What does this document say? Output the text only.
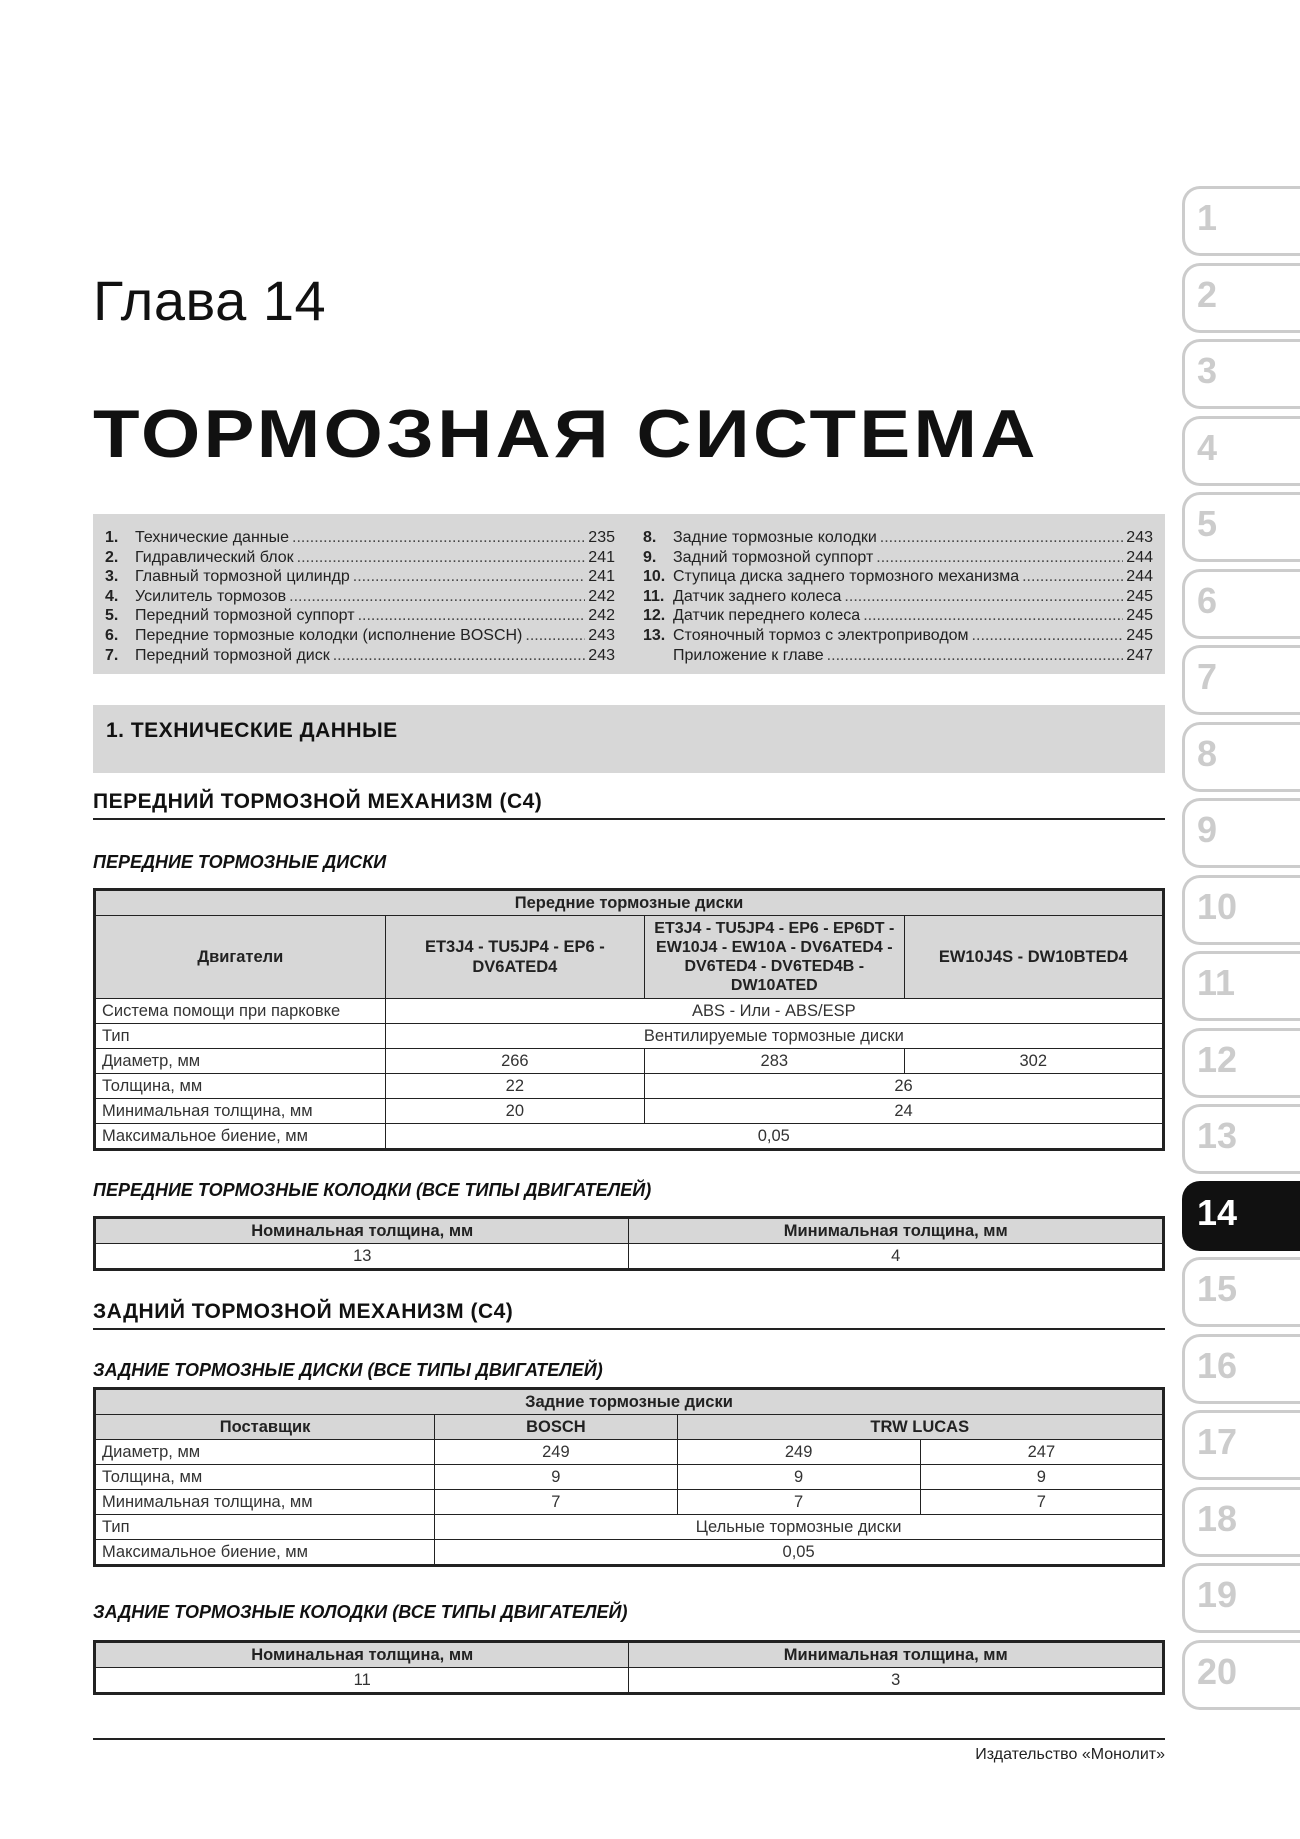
Глава 14
ТОРМОЗНАЯ СИСТЕМА
1.	Технические данные .....	235
2.	Гидравлический блок .....	241
3.	Главный тормозной цилиндр .....	241
4.	Усилитель тормозов .....	242
5.	Передний тормозной суппорт .....	242
6.	Передние тормозные колодки (исполнение BOSCH) .....	243
7.	Передний тормозной диск .....	243
8.	Задние тормозные колодки .....	243
9.	Задний тормозной суппорт .....	244
10. Ступица диска заднего тормозного механизма .....	244
11. Датчик заднего колеса .....	245
12. Датчик переднего колеса .....	245
13. Стояночный тормоз с электроприводом .....	245
Приложение к главе .....	247
1. ТЕХНИЧЕСКИЕ ДАННЫЕ
ПЕРЕДНИЙ ТОРМОЗНОЙ МЕХАНИЗМ (С4)
ПЕРЕДНИЕ ТОРМОЗНЫЕ ДИСКИ
Передние тормозные диски			
Двигатели	ET3J4 - TU5JP4 - EP6 - DV6ATED4	ET3J4 - TU5JP4 - EP6 - EP6DT - EW10J4 - EW10A - DV6ATED4 - DV6TED4 - DV6TED4B - DW10ATED	EW10J4S - DW10BTED4
Система помощи при парковке	ABS - Или - ABS/ESP		
Тип	Вентилируемые тормозные диски		
Диаметр, мм	266	283	302
Толщина, мм	22	26	
Минимальная толщина, мм	20	24	
Максимальное биение, мм	0,05		
ПЕРЕДНИЕ ТОРМОЗНЫЕ КОЛОДКИ (ВСЕ ТИПЫ ДВИГАТЕЛЕЙ)
Номинальная толщина, мм	Минимальная толщина, мм
13	4
ЗАДНИЙ ТОРМОЗНОЙ МЕХАНИЗМ (С4)
ЗАДНИЕ ТОРМОЗНЫЕ ДИСКИ (ВСЕ ТИПЫ ДВИГАТЕЛЕЙ)
Задние тормозные диски			
Поставщик	BOSCH	TRW LUCAS	
Диаметр, мм	249	249	247
Толщина, мм	9	9	9
Минимальная толщина, мм	7	7	7
Тип	Цельные тормозные диски		
Максимальное биение, мм	0,05		
ЗАДНИЕ ТОРМОЗНЫЕ КОЛОДКИ (ВСЕ ТИПЫ ДВИГАТЕЛЕЙ)
Номинальная толщина, мм	Минимальная толщина, мм
11	3
Издательство «Монолит»
1
2
3
4
5
6
7
8
9
10
11
12
13
14
15
16
17
18
19
20
